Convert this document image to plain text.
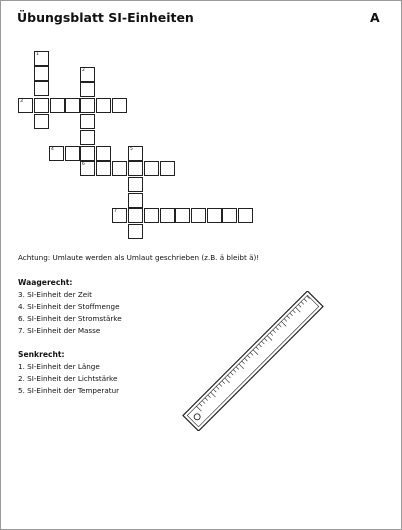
Übungsblatt SI-Einheiten	A
1
3
2
4	5
6
7
Achtung: Umlaute werden als Umlaut geschrieben (z.B. ä bleibt ä)!
Waagerecht:
3. SI-Einheit der Zeit
4. SI-Einheit der Stoffmenge
6. SI-Einheit der Stromstärke
7. SI-Einheit der Masse
Senkrecht:
1. SI-Einheit der Länge
2. SI-Einheit der Lichtstärke
5. SI-Einheit der Temperatur
